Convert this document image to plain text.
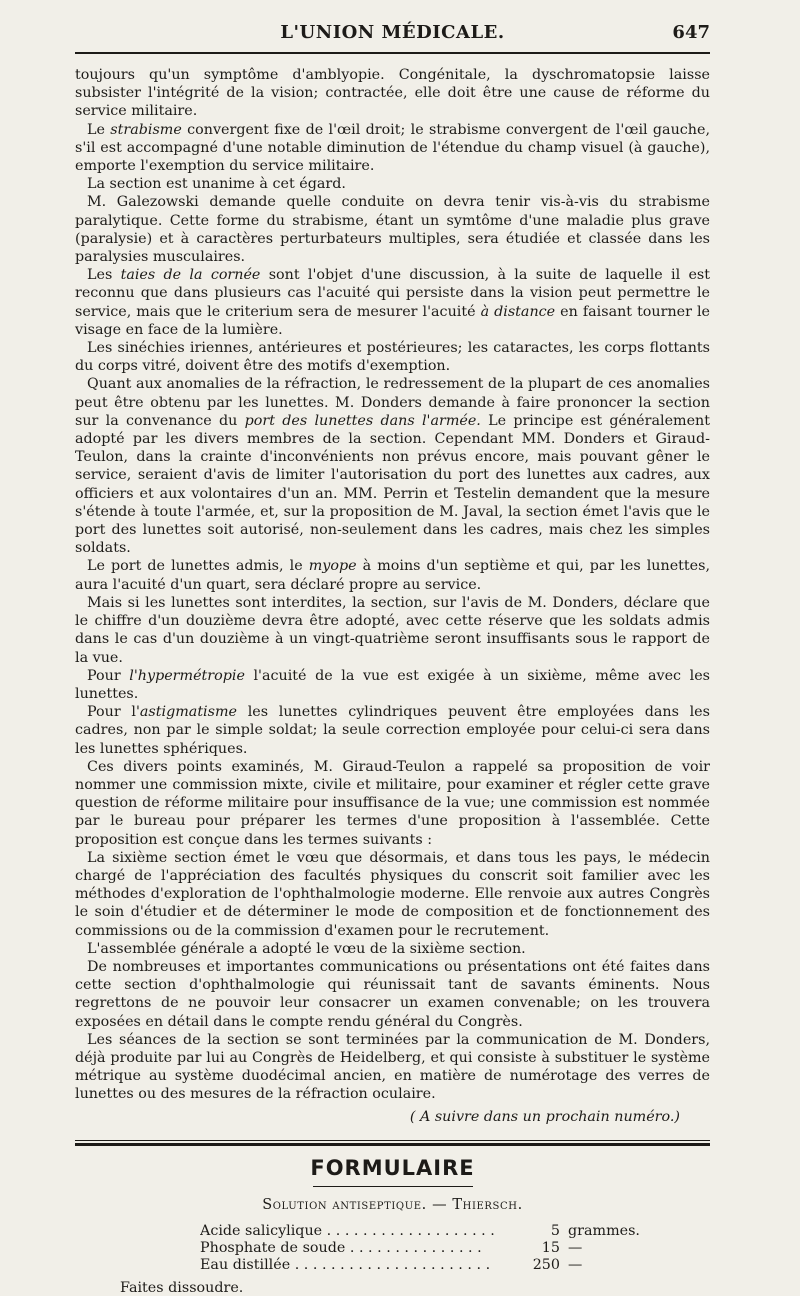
L'UNION MÉDICALE.	647

toujours qu'un symptôme d'amblyopie. Congénitale, la dyschromatopsie laisse subsister l'intégrité de la vision; contractée, elle doit être une cause de réforme du service militaire.

Le strabisme convergent fixe de l'œil droit; le strabisme convergent de l'œil gauche, s'il est accompagné d'une notable diminution de l'étendue du champ visuel (à gauche), emporte l'exemption du service militaire.

La section est unanime à cet égard.

M. Galezowski demande quelle conduite on devra tenir vis-à-vis du strabisme paralytique. Cette forme du strabisme, étant un symtôme d'une maladie plus grave (paralysie) et à caractères perturbateurs multiples, sera étudiée et classée dans les paralysies musculaires.

Les taies de la cornée sont l'objet d'une discussion, à la suite de laquelle il est reconnu que dans plusieurs cas l'acuité qui persiste dans la vision peut permettre le service, mais que le criterium sera de mesurer l'acuité à distance en faisant tourner le visage en face de la lumière.

Les sinéchies iriennes, antérieures et postérieures; les cataractes, les corps flottants du corps vitré, doivent être des motifs d'exemption.

Quant aux anomalies de la réfraction, le redressement de la plupart de ces anomalies peut être obtenu par les lunettes. M. Donders demande à faire prononcer la section sur la convenance du port des lunettes dans l'armée. Le principe est généralement adopté par les divers membres de la section. Cependant MM. Donders et Giraud-Teulon, dans la crainte d'inconvénients non prévus encore, mais pouvant gêner le service, seraient d'avis de limiter l'autorisation du port des lunettes aux cadres, aux officiers et aux volontaires d'un an. MM. Perrin et Testelin demandent que la mesure s'étende à toute l'armée, et, sur la proposition de M. Javal, la section émet l'avis que le port des lunettes soit autorisé, non-seulement dans les cadres, mais chez les simples soldats.

Le port de lunettes admis, le myope à moins d'un septième et qui, par les lunettes, aura l'acuité d'un quart, sera déclaré propre au service.

Mais si les lunettes sont interdites, la section, sur l'avis de M. Donders, déclare que le chiffre d'un douzième devra être adopté, avec cette réserve que les soldats admis dans le cas d'un douzième à un vingt-quatrième seront insuffisants sous le rapport de la vue.

Pour l'hypermétropie l'acuité de la vue est exigée à un sixième, même avec les lunettes.

Pour l'astigmatisme les lunettes cylindriques peuvent être employées dans les cadres, non par le simple soldat; la seule correction employée pour celui-ci sera dans les lunettes sphériques.

Ces divers points examinés, M. Giraud-Teulon a rappelé sa proposition de voir nommer une commission mixte, civile et militaire, pour examiner et régler cette grave question de réforme militaire pour insuffisance de la vue; une commission est nommée par le bureau pour préparer les termes d'une proposition à l'assemblée. Cette proposition est conçue dans les termes suivants :

La sixième section émet le vœu que désormais, et dans tous les pays, le médecin chargé de l'appréciation des facultés physiques du conscrit soit familier avec les méthodes d'exploration de l'ophthalmologie moderne. Elle renvoie aux autres Congrès le soin d'étudier et de déterminer le mode de composition et de fonctionnement des commissions ou de la commission d'examen pour le recrutement.

L'assemblée générale a adopté le vœu de la sixième section.

De nombreuses et importantes communications ou présentations ont été faites dans cette section d'ophthalmologie qui réunissait tant de savants éminents. Nous regrettons de ne pouvoir leur consacrer un examen convenable; on les trouvera exposées en détail dans le compte rendu général du Congrès.

Les séances de la section se sont terminées par la communication de M. Donders, déjà produite par lui au Congrès de Heidelberg, et qui consiste à substituer le système métrique au système duodécimal ancien, en matière de numérotage des verres de lunettes ou des mesures de la réfraction oculaire.

( A suivre dans un prochain numéro.)
FORMULAIRE
Solution antiseptique. — Thiersch.
Acide salicylique . . . . . . . . . . . . . . . . . . .	5	grammes.
Phosphate de soude . . . . . . . . . . . . . . .	15	—
Eau distillée . . . . . . . . . . . . . . . . . . . . . .	250	—
Faites dissoudre.
